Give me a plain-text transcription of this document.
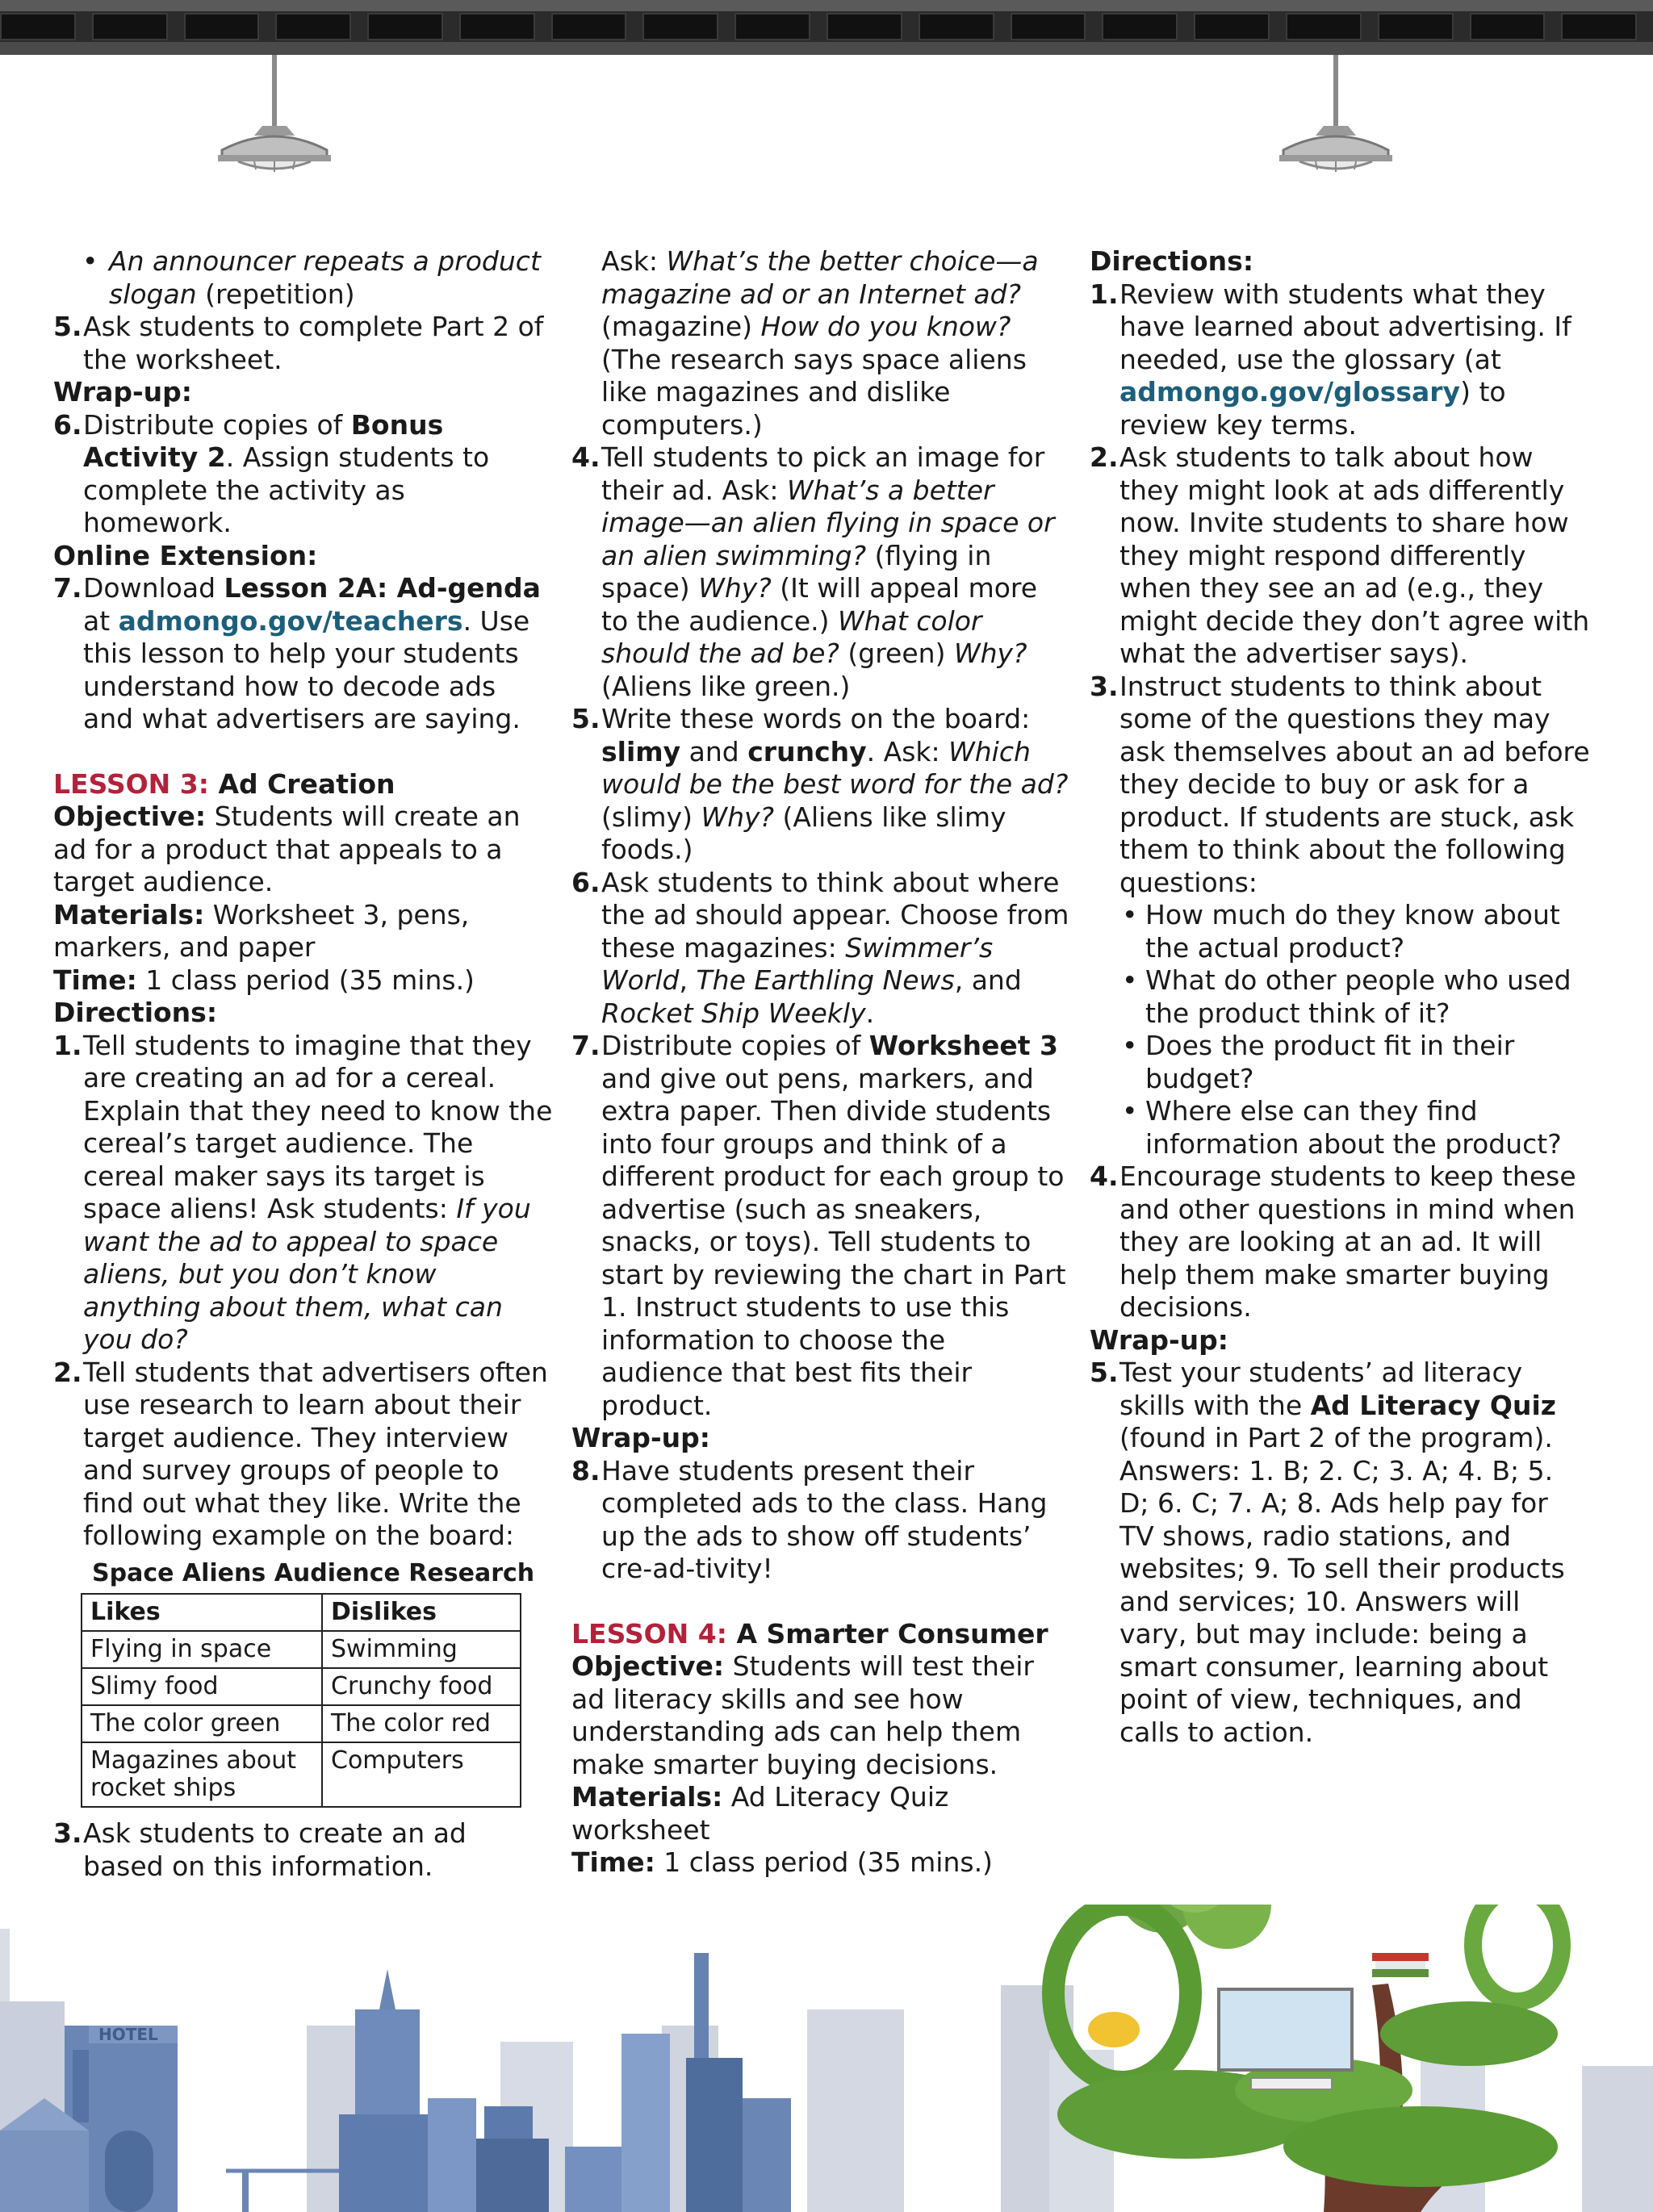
• An announcer repeats a product slogan (repetition)
5. Ask students to complete Part 2 of the worksheet.
Wrap-up:
6. Distribute copies of Bonus Activity 2. Assign students to complete the activity as homework.
Online Extension:
7. Download Lesson 2A: Ad-genda at admongo.gov/teachers. Use this lesson to help your students understand how to decode ads and what advertisers are saying.
LESSON 3: Ad Creation
Objective: Students will create an ad for a product that appeals to a target audience.
Materials: Worksheet 3, pens, markers, and paper
Time: 1 class period (35 mins.)
Directions:
1. Tell students to imagine that they are creating an ad for a cereal. Explain that they need to know the cereal’s target audience. The cereal maker says its target is space aliens! Ask students: If you want the ad to appeal to space aliens, but you don’t know anything about them, what can you do?
2. Tell students that advertisers often use research to learn about their target audience. They interview and survey groups of people to find out what they like. Write the following example on the board:
Space Aliens Audience Research
Likes	Dislikes
Flying in space	Swimming
Slimy food	Crunchy food
The color green	The color red
Magazines about rocket ships	Computers
3. Ask students to create an ad based on this information.
Ask: What’s the better choice—a magazine ad or an Internet ad? (magazine) How do you know? (The research says space aliens like magazines and dislike computers.)
4. Tell students to pick an image for their ad. Ask: What’s a better image—an alien flying in space or an alien swimming? (flying in space) Why? (It will appeal more to the audience.) What color should the ad be? (green) Why? (Aliens like green.)
5. Write these words on the board: slimy and crunchy. Ask: Which would be the best word for the ad? (slimy) Why? (Aliens like slimy foods.)
6. Ask students to think about where the ad should appear. Choose from these magazines: Swimmer’s World, The Earthling News, and Rocket Ship Weekly.
7. Distribute copies of Worksheet 3 and give out pens, markers, and extra paper. Then divide students into four groups and think of a different product for each group to advertise (such as sneakers, snacks, or toys). Tell students to start by reviewing the chart in Part 1. Instruct students to use this information to choose the audience that best fits their product.
Wrap-up:
8. Have students present their completed ads to the class. Hang up the ads to show off students’ cre-ad-tivity!
LESSON 4: A Smarter Consumer
Objective: Students will test their ad literacy skills and see how understanding ads can help them make smarter buying decisions.
Materials: Ad Literacy Quiz worksheet
Time: 1 class period (35 mins.)
Directions:
1. Review with students what they have learned about advertising. If needed, use the glossary (at admongo.gov/glossary) to review key terms.
2. Ask students to talk about how they might look at ads differently now. Invite students to share how they might respond differently when they see an ad (e.g., they might decide they don’t agree with what the advertiser says).
3. Instruct students to think about some of the questions they may ask themselves about an ad before they decide to buy or ask for a product. If students are stuck, ask them to think about the following questions:
• How much do they know about the actual product?
• What do other people who used the product think of it?
• Does the product fit in their budget?
• Where else can they find information about the product?
4. Encourage students to keep these and other questions in mind when they are looking at an ad. It will help them make smarter buying decisions.
Wrap-up:
5. Test your students’ ad literacy skills with the Ad Literacy Quiz (found in Part 2 of the program). Answers: 1. B; 2. C; 3. A; 4. B; 5. D; 6. C; 7. A; 8. Ads help pay for TV shows, radio stations, and websites; 9. To sell their products and services; 10. Answers will vary, but may include: being a smart consumer, learning about point of view, techniques, and calls to action.
HOTEL
